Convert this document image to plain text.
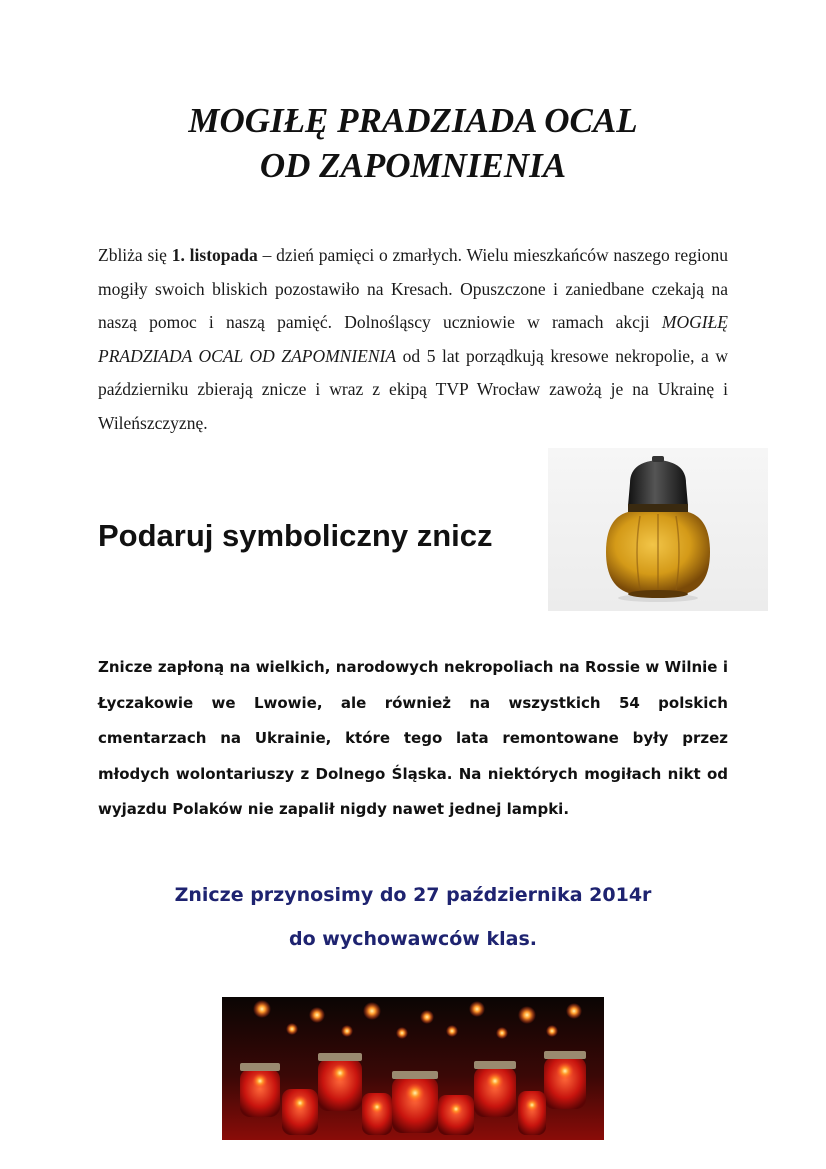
MOGIŁĘ PRADZIADA OCAL
OD ZAPOMNIENIA

Zbliża się 1. listopada – dzień pamięci o zmarłych. Wielu mieszkańców naszego regionu mogiły swoich bliskich pozostawiło na Kresach. Opuszczone i zaniedbane czekają na naszą pomoc i naszą pamięć. Dolnośląscy uczniowie w ramach akcji MOGIŁĘ PRADZIADA OCAL OD ZAPOMNIENIA od 5 lat porządkują kresowe nekropolie, a w październiku zbierają znicze i wraz z ekipą TVP Wrocław zawożą je na Ukrainę i Wileńszczyznę.

Podaruj symboliczny znicz

Znicze zapłoną na wielkich, narodowych nekropoliach na Rossie w Wilnie i Łyczakowie we Lwowie, ale również na wszystkich 54 polskich cmentarzach na Ukrainie, które tego lata remontowane były przez młodych wolontariuszy z Dolnego Śląska. Na niektórych mogiłach nikt od wyjazdu Polaków nie zapalił nigdy nawet jednej lampki.

Znicze przynosimy do 27 października 2014r
do wychowawców klas.
